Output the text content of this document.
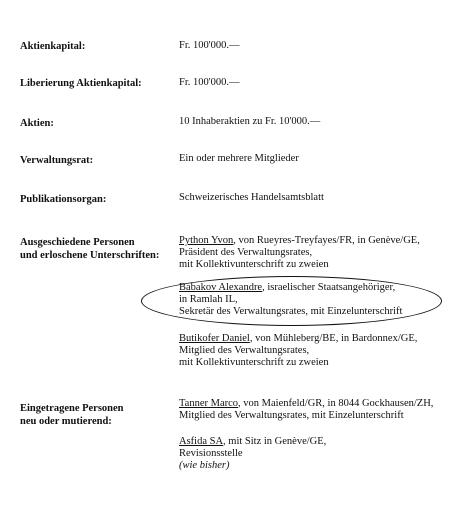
Aktienkapital:	Fr. 100'000.—
Liberierung Aktienkapital:	Fr. 100'000.—
Aktien:	10 Inhaberaktien zu Fr. 10'000.—
Verwaltungsrat:	Ein oder mehrere Mitglieder
Publikationsorgan:	Schweizerisches Handelsamtsblatt
Ausgeschiedene Personen
und erloschene Unterschriften:
Python Yvon, von Rueyres-Treyfayes/FR, in Genève/GE,
Präsident des Verwaltungsrates,
mit Kollektivunterschrift zu zweien
Babakov Alexandre, israelischer Staatsangehöriger,
in Ramlah IL,
Sekretär des Verwaltungsrates, mit Einzelunterschrift
Butikofer Daniel, von Mühleberg/BE, in Bardonnex/GE,
Mitglied des Verwaltungsrates,
mit Kollektivunterschrift zu zweien
Eingetragene Personen
neu oder mutierend:
Tanner Marco, von Maienfeld/GR, in 8044 Gockhausen/ZH,
Mitglied des Verwaltungsrates, mit Einzelunterschrift
Asfida SA, mit Sitz in Genève/GE,
Revisionsstelle
(wie bisher)
